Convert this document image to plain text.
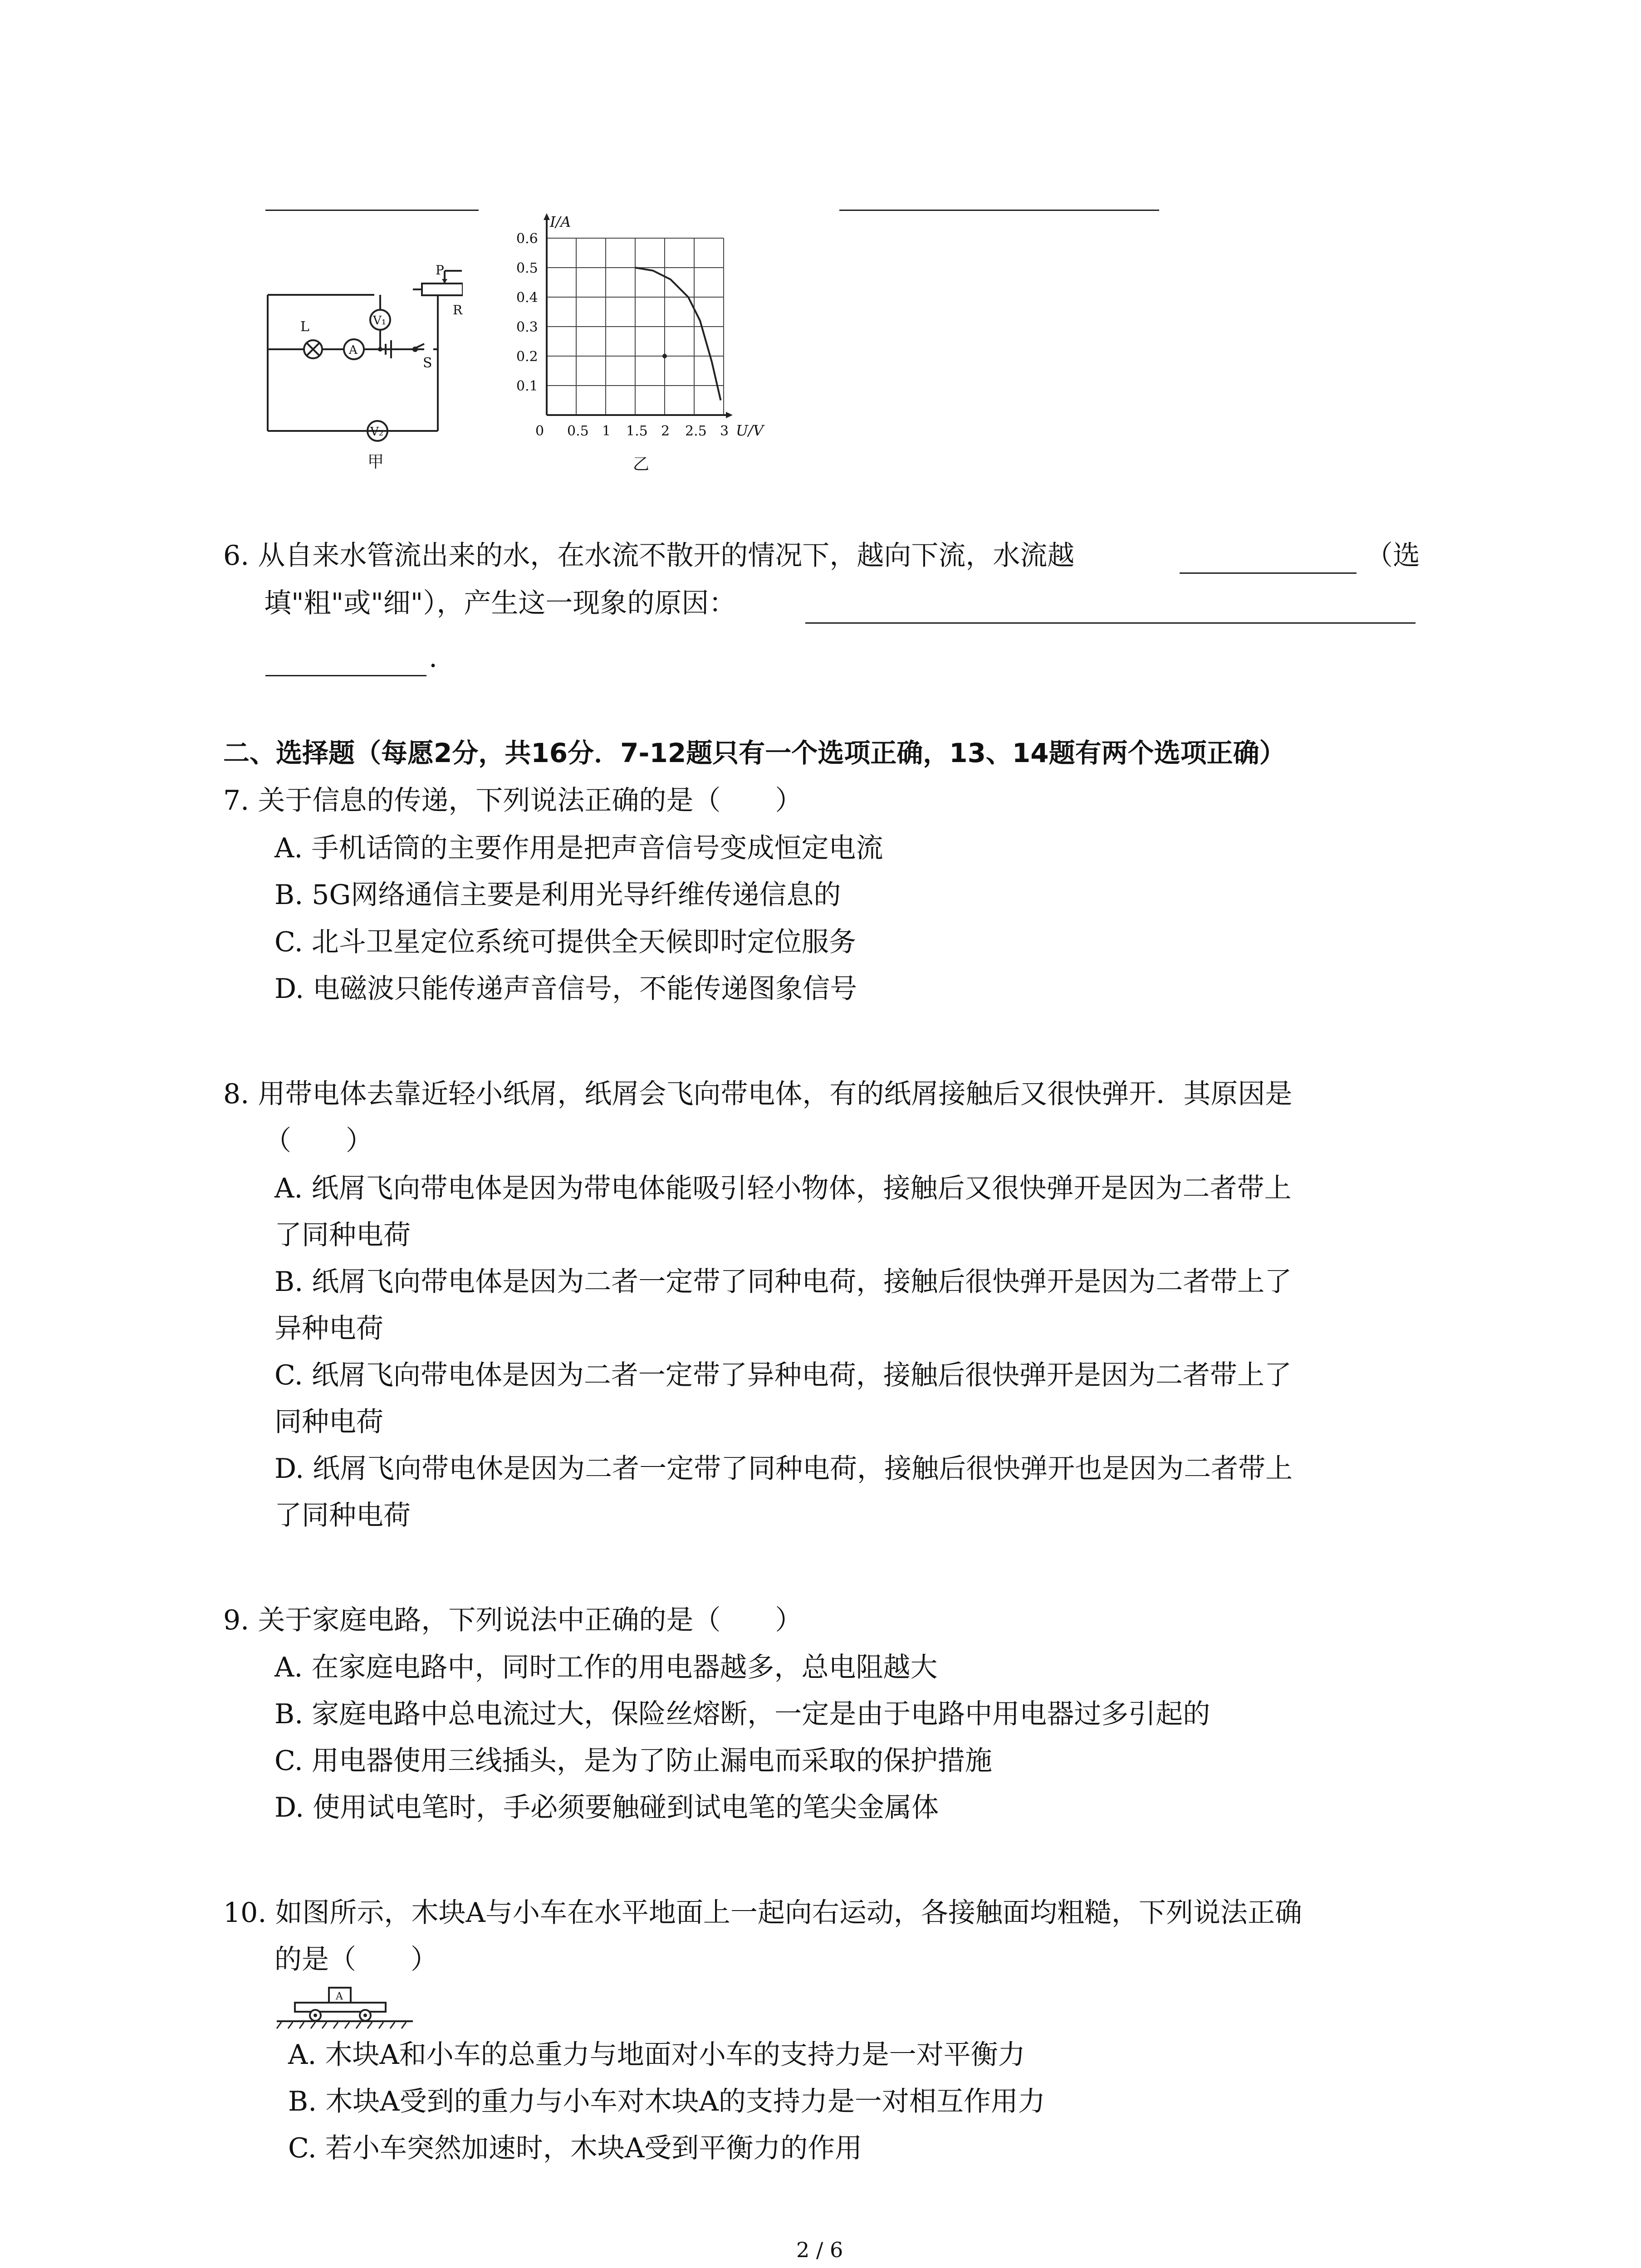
L
A
V₁
V₂
S
甲
P
R
0.6
0.5
0.4
0.3
0.2
0.1
0.5 1 1.5 2 2.5 3
I/A
U/V
0
乙
6. 从自来水管流出来的水，在水流不散开的情况下，越向下流，水流越	（选
填"粗"或"细"），产生这一现象的原因：
.
二、选择题（每愿2分，共16分．7-12题只有一个选项正确，13、14题有两个选项正确）
7. 关于信息的传递，下列说法正确的是（　　）
A. 手机话筒的主要作用是把声音信号变成恒定电流
B. 5G网络通信主要是利用光导纤维传递信息的
C. 北斗卫星定位系统可提供全天候即时定位服务
D. 电磁波只能传递声音信号，不能传递图象信号
8. 用带电体去靠近轻小纸屑，纸屑会飞向带电体，有的纸屑接触后又很快弹开．其原因是
（　　）
A. 纸屑飞向带电体是因为带电体能吸引轻小物体，接触后又很快弹开是因为二者带上
了同种电荷
B. 纸屑飞向带电体是因为二者一定带了同种电荷，接触后很快弹开是因为二者带上了
异种电荷
C. 纸屑飞向带电体是因为二者一定带了异种电荷，接触后很快弹开是因为二者带上了
同种电荷
D. 纸屑飞向带电休是因为二者一定带了同种电荷，接触后很快弹开也是因为二者带上
了同种电荷
9. 关于家庭电路，下列说法中正确的是（　　）
A. 在家庭电路中，同时工作的用电器越多，总电阻越大
B. 家庭电路中总电流过大，保险丝熔断，一定是由于电路中用电器过多引起的
C. 用电器使用三线插头，是为了防止漏电而采取的保护措施
D. 使用试电笔时，手必须要触碰到试电笔的笔尖金属体
10. 如图所示，木块A与小车在水平地面上一起向右运动，各接触面均粗糙，下列说法正确
的是（　　）
A
A. 木块A和小车的总重力与地面对小车的支持力是一对平衡力
B. 木块A受到的重力与小车对木块A的支持力是一对相互作用力
C. 若小车突然加速时，木块A受到平衡力的作用
2 / 6
